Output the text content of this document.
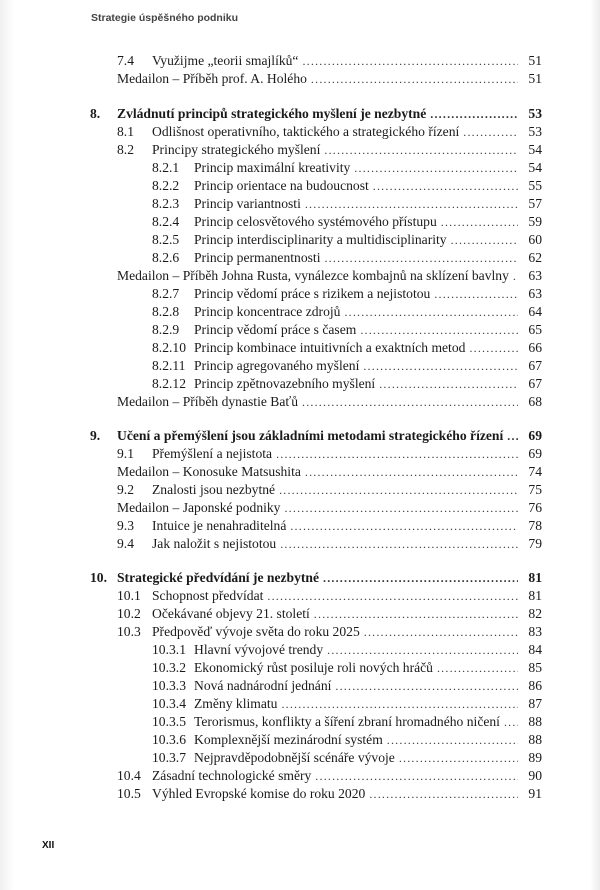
Strategie úspěšného podniku
7.4 Využijme „teorii smajlíků“ . . .	51
Medailon – Příběh prof. A. Holého . . .	51
8. Zvládnutí principů strategického myšlení je nezbytné . . .	53
8.1 Odlišnost operativního, taktického a strategického řízení . . .	53
8.2 Principy strategického myšlení . . .	54
8.2.1 Princip maximální kreativity . . .	54
8.2.2 Princip orientace na budoucnost . . .	55
8.2.3 Princip variantnosti . . .	57
8.2.4 Princip celosvětového systémového přístupu . . .	59
8.2.5 Princip interdisciplinarity a multidisciplinarity . . .	60
8.2.6 Princip permanentnosti . . .	62
Medailon – Příběh Johna Rusta, vynálezce kombajnů na sklízení bavlny . . .	63
8.2.7 Princip vědomí práce s rizikem a nejistotou . . .	63
8.2.8 Princip koncentrace zdrojů . . .	64
8.2.9 Princip vědomí práce s časem . . .	65
8.2.10 Princip kombinace intuitivních a exaktních metod . . .	66
8.2.11 Princip agregovaného myšlení . . .	67
8.2.12 Princip zpětnovazebního myšlení . . .	67
Medailon – Příběh dynastie Baťů . . .	68
9. Učení a přemýšlení jsou základními metodami strategického řízení . . .	69
9.1 Přemýšlení a nejistota . . .	69
Medailon – Konosuke Matsushita . . .	74
9.2 Znalosti jsou nezbytné . . .	75
Medailon – Japonské podniky . . .	76
9.3 Intuice je nenahraditelná . . .	78
9.4 Jak naložit s nejistotou . . .	79
10. Strategické předvídání je nezbytné . . .	81
10.1 Schopnost předvídat . . .	81
10.2 Očekávané objevy 21. století . . .	82
10.3 Předpověď vývoje světa do roku 2025 . . .	83
10.3.1 Hlavní vývojové trendy . . .	84
10.3.2 Ekonomický růst posiluje roli nových hráčů . . .	85
10.3.3 Nová nadnárodní jednání . . .	86
10.3.4 Změny klimatu . . .	87
10.3.5 Terorismus, konflikty a šíření zbraní hromadného ničení . . .	88
10.3.6 Komplexnější mezinárodní systém . . .	88
10.3.7 Nejpravděpodobnější scénáře vývoje . . .	89
10.4 Zásadní technologické směry . . .	90
10.5 Výhled Evropské komise do roku 2020 . . .	91
XII
